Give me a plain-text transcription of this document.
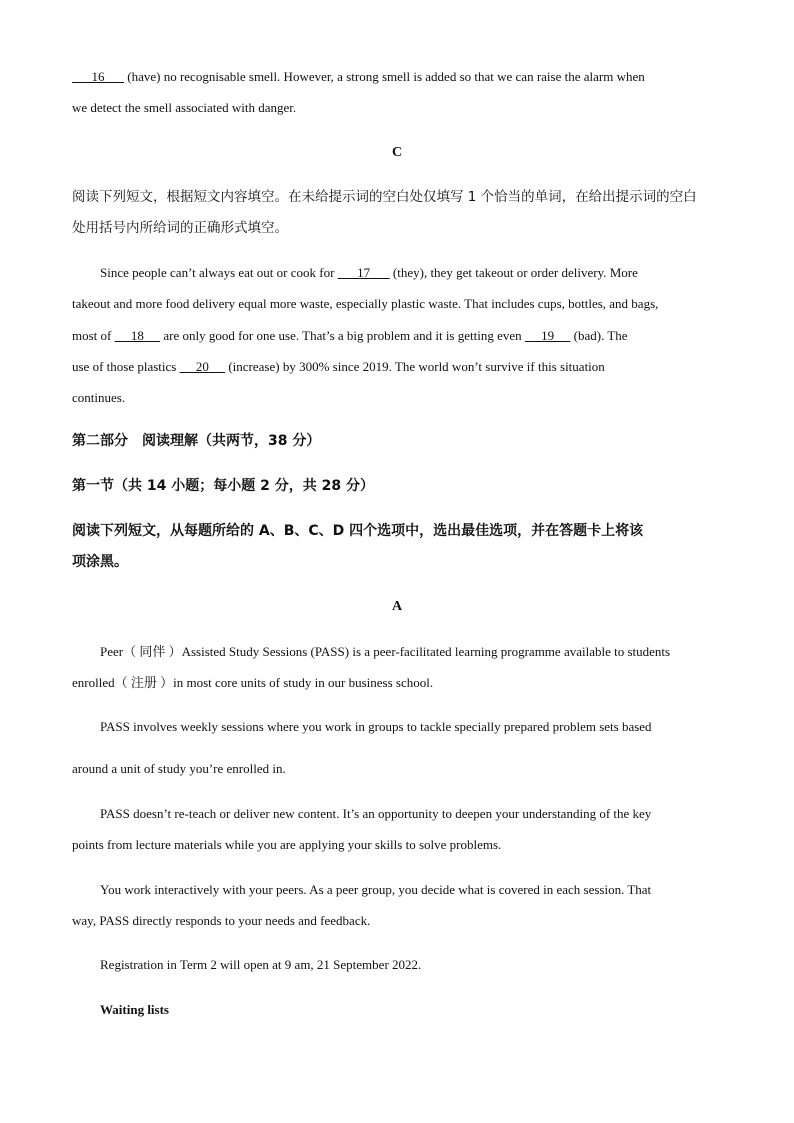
16       (have) no recognisable smell. However, a strong smell is added so that we can raise the alarm when
we detect the smell associated with danger.
C
阅读下列短文，根据短文内容填空。在未给提示词的空白处仅填写 1 个恰当的单词，在给出提示词的空白
处用括号内所给词的正确形式填空。
Since people can’t always eat out or cook for       17       (they), they get takeout or order delivery. More
takeout and more food delivery equal more waste, especially plastic waste. That includes cups, bottles, and bags,
most of      18      are only good for one use. That’s a big problem and it is getting even      19      (bad). The
use of those plastics      20      (increase) by 300% since 2019. The world won’t survive if this situation
continues.
第二部分　阅读理解（共两节，38 分）
第一节（共 14 小题；每小题 2 分，共 28 分）
阅读下列短文，从每题所给的 A、B、C、D 四个选项中，选出最佳选项，并在答题卡上将该
项涂黑。
A
Peer（ 同伴 ）Assisted Study Sessions (PASS) is a peer-facilitated learning programme available to students
enrolled（ 注册 ）in most core units of study in our business school.
PASS involves weekly sessions where you work in groups to tackle specially prepared problem sets based
around a unit of study you’re enrolled in.
PASS doesn’t re-teach or deliver new content. It’s an opportunity to deepen your understanding of the key
points from lecture materials while you are applying your skills to solve problems.
You work interactively with your peers. As a peer group, you decide what is covered in each session. That
way, PASS directly responds to your needs and feedback.
Registration in Term 2 will open at 9 am, 21 September 2022.
Waiting lists
